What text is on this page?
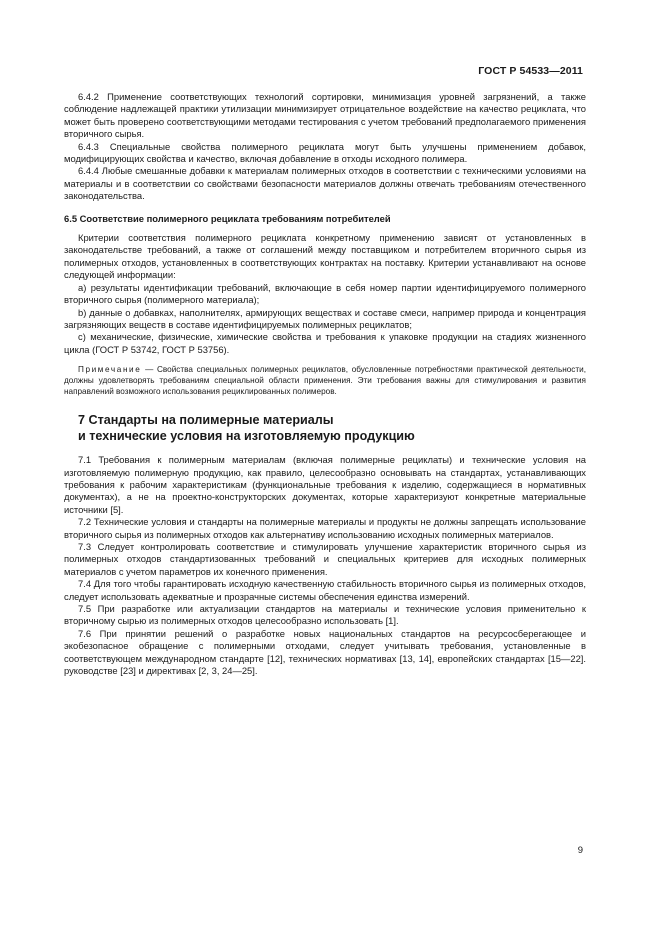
ГОСТ Р 54533—2011

6.4.2 Применение соответствующих технологий сортировки, минимизация уровней загрязнений, а также соблюдение надлежащей практики утилизации минимизирует отрицательное воздействие на качество рециклата, что может быть проверено соответствующими методами тестирования с учетом требований предполагаемого применения вторичного сырья.

6.4.3 Специальные свойства полимерного рециклата могут быть улучшены применением добавок, модифицирующих свойства и качество, включая добавление в отходы исходного полимера.

6.4.4 Любые смешанные добавки к материалам полимерных отходов в соответствии с техническими условиями на материалы и в соответствии со свойствами безопасности материалов должны отвечать требованиям отечественного законодательства.

6.5 Соответствие полимерного рециклата требованиям потребителей

Критерии соответствия полимерного рециклата конкретному применению зависят от установленных в законодательстве требований, а также от соглашений между поставщиком и потребителем вторичного сырья из полимерных отходов, установленных в соответствующих контрактах на поставку. Критерии устанавливают на основе следующей информации:

a) результаты идентификации требований, включающие в себя номер партии идентифицируемого полимерного вторичного сырья (полимерного материала);

b) данные о добавках, наполнителях, армирующих веществах и составе смеси, например природа и концентрация загрязняющих веществ в составе идентифицируемых полимерных рециклатов;

c) механические, физические, химические свойства и требования к упаковке продукции на стадиях жизненного цикла (ГОСТ Р 53742, ГОСТ Р 53756).

Примечание — Свойства специальных полимерных рециклатов, обусловленные потребностями практической деятельности, должны удовлетворять требованиям специальной области применения. Эти требования важны для стимулирования и развития направлений возможного использования рециклированных полимеров.

7 Стандарты на полимерные материалы
и технические условия на изготовляемую продукцию

7.1 Требования к полимерным материалам (включая полимерные рециклаты) и технические условия на изготовляемую полимерную продукцию, как правило, целесообразно основывать на стандартах, устанавливающих требования к рабочим характеристикам (функциональные требования к изделию, содержащиеся в нормативных документах), а не на проектно-конструкторских документах, которые характеризуют конкретные материальные источники [5].

7.2 Технические условия и стандарты на полимерные материалы и продукты не должны запрещать использование вторичного сырья из полимерных отходов как альтернативу использованию исходных полимерных материалов.

7.3 Следует контролировать соответствие и стимулировать улучшение характеристик вторичного сырья из полимерных отходов стандартизованных требований и специальных критериев для исходных полимерных материалов с учетом параметров их конечного применения.

7.4 Для того чтобы гарантировать исходную качественную стабильность вторичного сырья из полимерных отходов, следует использовать адекватные и прозрачные системы обеспечения единства измерений.

7.5 При разработке или актуализации стандартов на материалы и технические условия применительно к вторичному сырью из полимерных отходов целесообразно использовать [1].

7.6 При принятии решений о разработке новых национальных стандартов на ресурсосберегающее и экобезопасное обращение с полимерными отходами, следует учитывать требования, установленные в соответствующем международном стандарте [12], технических нормативах [13, 14], европейских стандартах [15—22]. руководстве [23] и директивах [2, 3, 24—25].

9
